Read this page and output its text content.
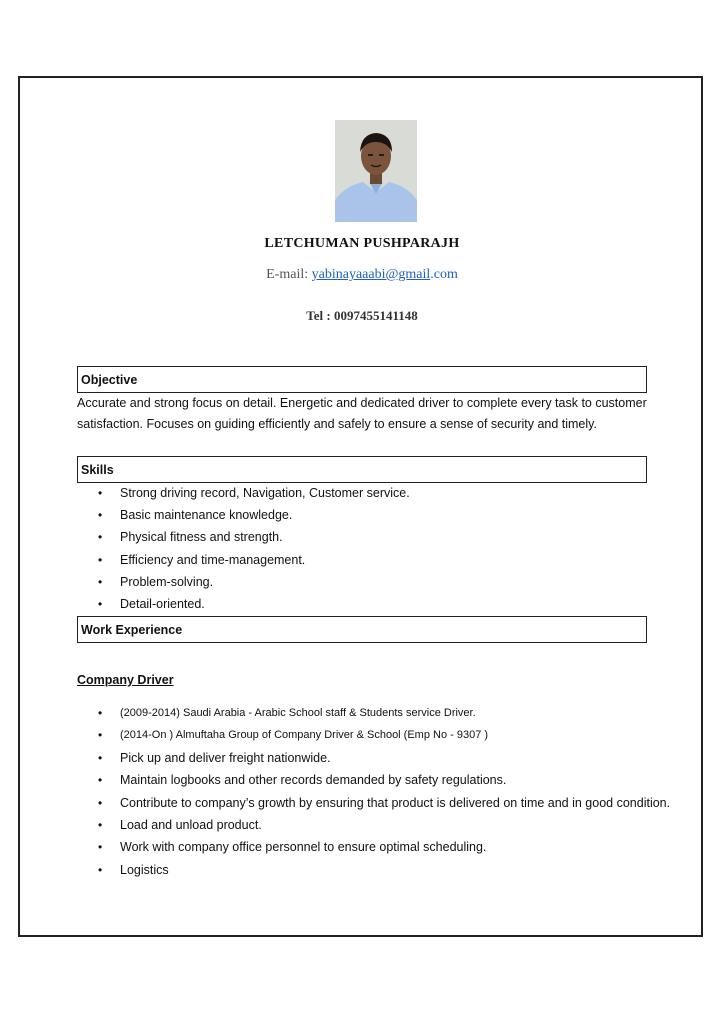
LETCHUMAN PUSHPARAJH
E-mail: yabinayaaabi@gmail.com
Tel : 0097455141148
Objective
Accurate and strong focus on detail. Energetic and dedicated driver to complete every task to customer satisfaction. Focuses on guiding efficiently and safely to ensure a sense of security and timely.
Skills
• Strong driving record, Navigation, Customer service.
• Basic maintenance knowledge.
• Physical fitness and strength.
• Efficiency and time-management.
• Problem-solving.
• Detail-oriented.
Work Experience
Company Driver
• (2009-2014) Saudi Arabia - Arabic School staff & Students service Driver.
• (2014-On ) Almuftaha Group of Company Driver & School (Emp No - 9307 )
• Pick up and deliver freight nationwide.
• Maintain logbooks and other records demanded by safety regulations.
• Contribute to company’s growth by ensuring that product is delivered on time and in good condition.
• Load and unload product.
• Work with company office personnel to ensure optimal scheduling.
• Logistics
